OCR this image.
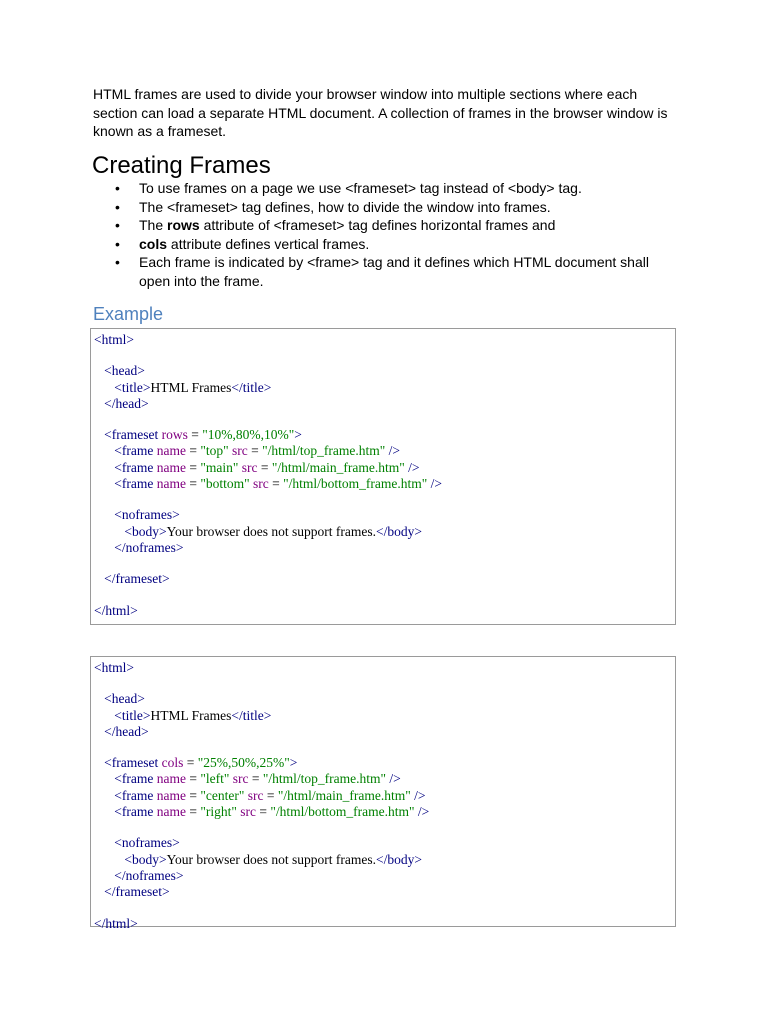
HTML frames are used to divide your browser window into multiple sections where each section can load a separate HTML document. A collection of frames in the browser window is known as a frameset.

Creating Frames
• To use frames on a page we use <frameset> tag instead of <body> tag.
• The <frameset> tag defines, how to divide the window into frames.
• The rows attribute of <frameset> tag defines horizontal frames and
• cols attribute defines vertical frames.
• Each frame is indicated by <frame> tag and it defines which HTML document shall open into the frame.
Example
<html>
<head>
<title>HTML Frames</title>
</head>
<frameset rows = "10%,80%,10%">
<frame name = "top" src = "/html/top_frame.htm" />
<frame name = "main" src = "/html/main_frame.htm" />
<frame name = "bottom" src = "/html/bottom_frame.htm" />
<noframes>
<body>Your browser does not support frames.</body>
</noframes>
</frameset>
</html>
<html>
<head>
<title>HTML Frames</title>
</head>
<frameset cols = "25%,50%,25%">
<frame name = "left" src = "/html/top_frame.htm" />
<frame name = "center" src = "/html/main_frame.htm" />
<frame name = "right" src = "/html/bottom_frame.htm" />
<noframes>
<body>Your browser does not support frames.</body>
</noframes>
</frameset>
</html>
